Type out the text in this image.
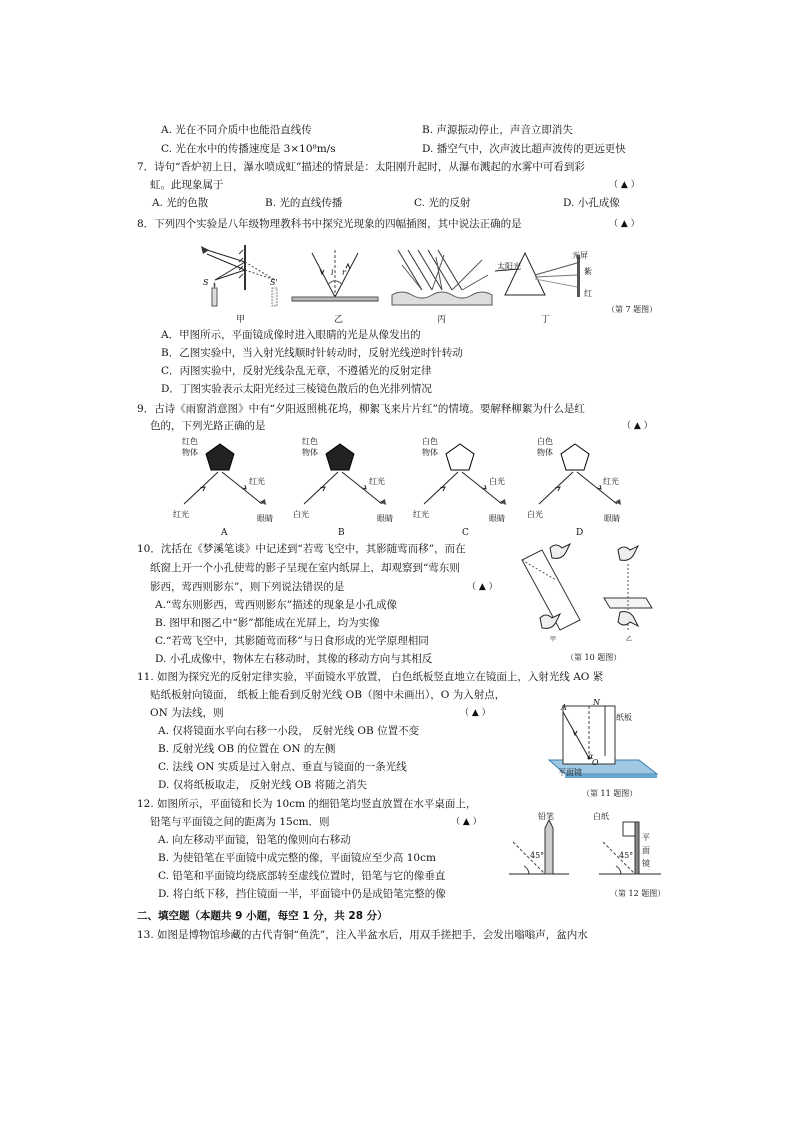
A. 光在不同介质中也能沿直线传	B. 声源振动停止，声音立即消失
C. 光在水中的传播速度是 3×10⁸m/s	D. 播空气中，次声波比超声波传的更远更快
7．诗句“香炉初上日，瀑水喷成虹”描述的情景是：太阳刚升起时，从瀑布溅起的水雾中可看到彩
虹。此现象属于	（ ▲ ）
A. 光的色散	B. 光的直线传播	C. 光的反射	D. 小孔成像
8．下列四个实验是八年级物理教科书中探究光现象的四幅插图，其中说法正确的是	（ ▲ ）
S	S'
i r
太阳光
光屏
紫
红
甲	乙	丙	丁
（第 7 题图）
A．甲图所示，平面镜成像时进入眼睛的光是从像发出的
B．乙图实验中，当入射光线顺时针转动时，反射光线逆时针转动
C．丙图实验中，反射光线杂乱无章，不遵循光的反射定律
D．丁图实验表示太阳光经过三棱镜色散后的色光排列情况
9．古诗《雨窗消意图》中有“夕阳返照桃花坞，柳絮飞来片片红”的情境。要解释柳絮为什么是红
色的，下列光路正确的是	（ ▲ ）
红色
物体
红光
红光	眼睛
A
红色
物体
红光
白光	眼睛
B
白色
物体
白光
红光	眼睛
C
白色
物体
红光
白光	眼睛
D
10．沈括在《梦溪笔谈》中记述到“若莺飞空中，其影随莺而移”，而在
纸窗上开一个小孔使莺的影子呈现在室内纸屏上，却观察到“莺东则
影西，莺西则影东”，则下列说法错误的是	（ ▲ ）
A.“莺东则影西，莺西则影东”描述的现象是小孔成像
B. 图甲和图乙中“影”都能成在光屏上，均为实像
C.“若莺飞空中，其影随莺而移”与日食形成的光学原理相同
D. 小孔成像中，物体左右移动时，其像的移动方向与其相反
甲	乙
（第 10 题图）
11. 如图为探究光的反射定律实验，平面镜水平放置， 白色纸板竖直地立在镜面上，入射光线 AO 紧
贴纸板射向镜面， 纸板上能看到反射光线 OB（图中未画出），O 为入射点，
ON 为法线，则	（ ▲ ）
A. 仅将镜面水平向右移一小段， 反射光线 OB 位置不变
B. 反射光线 OB 的位置在 ON 的左侧
C. 法线 ON 实质是过入射点、垂直与镜面的一条光线
D. 仅将纸板取走， 反射光线 OB 将随之消失
A
N
α
O
纸板
平面镜
（第 11 题图）
12. 如图所示，平面镜和长为 10cm 的细铅笔均竖直放置在水平桌面上，
铅笔与平面镜之间的距离为 15cm．则	（ ▲ ）
A. 向左移动平面镜，铅笔的像则向右移动
B. 为使铅笔在平面镜中成完整的像，平面镜应至少高 10cm
C. 铅笔和平面镜均绕底部转至虚线位置时，铅笔与它的像垂直
D. 将白纸下移，挡住镜面一半，平面镜中仍是成铅笔完整的像
铅笔	白纸
45°	45°
平
面
镜
（第 12 题图）
二、填空题（本题共 9 小题，每空 1 分，共 28 分）
13. 如图是博物馆珍藏的古代青铜“鱼洗”，注入半盆水后，用双手搓把手，会发出嗡嗡声，盆内水
